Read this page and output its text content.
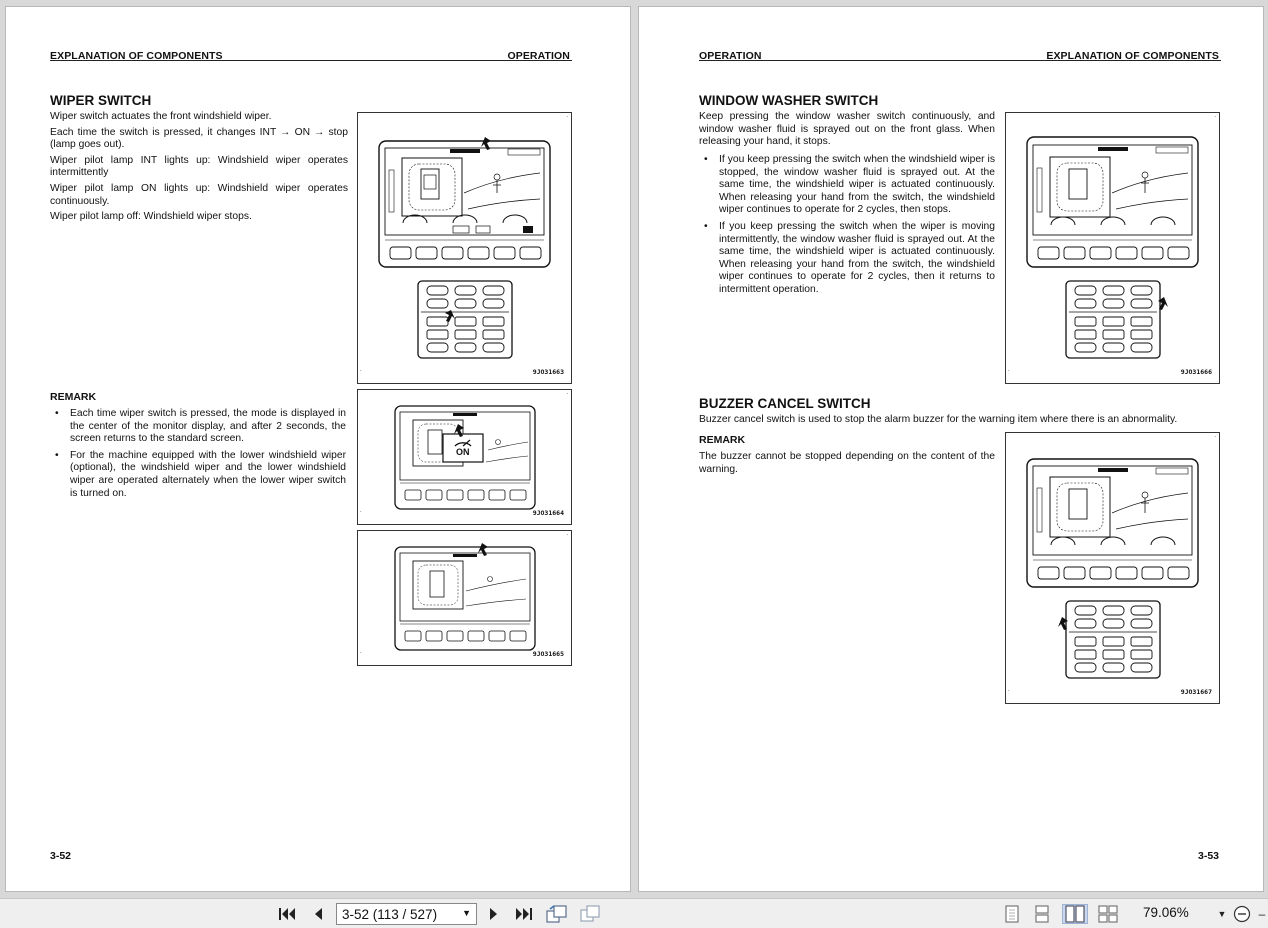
EXPLANATION OF COMPONENTS	OPERATION
WIPER SWITCH

Wiper switch actuates the front windshield wiper.

Each time the switch is pressed, it changes INT → ON → stop (lamp goes out).

Wiper pilot lamp INT lights up: Windshield wiper operates intermittently

Wiper pilot lamp ON lights up: Windshield wiper operates continuously.

Wiper pilot lamp off: Windshield wiper stops.

REMARK
• Each time wiper switch is pressed, the mode is displayed in the center of the monitor display, and after 2 seconds, the screen returns to the standard screen.
• For the machine equipped with the lower windshield wiper (optional), the windshield wiper and the lower windshield wiper are operated alternately when the lower wiper switch is turned on.
.
.
9JO31663
ON
.
.
9JO31664
.
.
9JO31665
3-52
OPERATION	EXPLANATION OF COMPONENTS
WINDOW WASHER SWITCH
Keep pressing the window washer switch continuously, and window washer fluid is sprayed out on the front glass. When releasing your hand, it stops.
• If you keep pressing the switch when the windshield wiper is stopped, the window washer fluid is sprayed out. At the same time, the windshield wiper is actuated continuously. When releasing your hand from the switch, the windshield wiper continues to operate for 2 cycles, then stops.
• If you keep pressing the switch when the wiper is moving intermittently, the window washer fluid is sprayed out. At the same time, the windshield wiper is actuated continuously. When releasing your hand from the switch, the windshield wiper continues to operate for 2 cycles, then it returns to intermittent operation.
BUZZER CANCEL SWITCH
Buzzer cancel switch is used to stop the alarm buzzer for the warning item where there is an abnormality.
REMARK
The buzzer cannot be stopped depending on the content of the warning.
.
.
9JO31666
.
.
9JO31667
3-53
3-52 (113 / 527)	▼	79.06%	▼	–
